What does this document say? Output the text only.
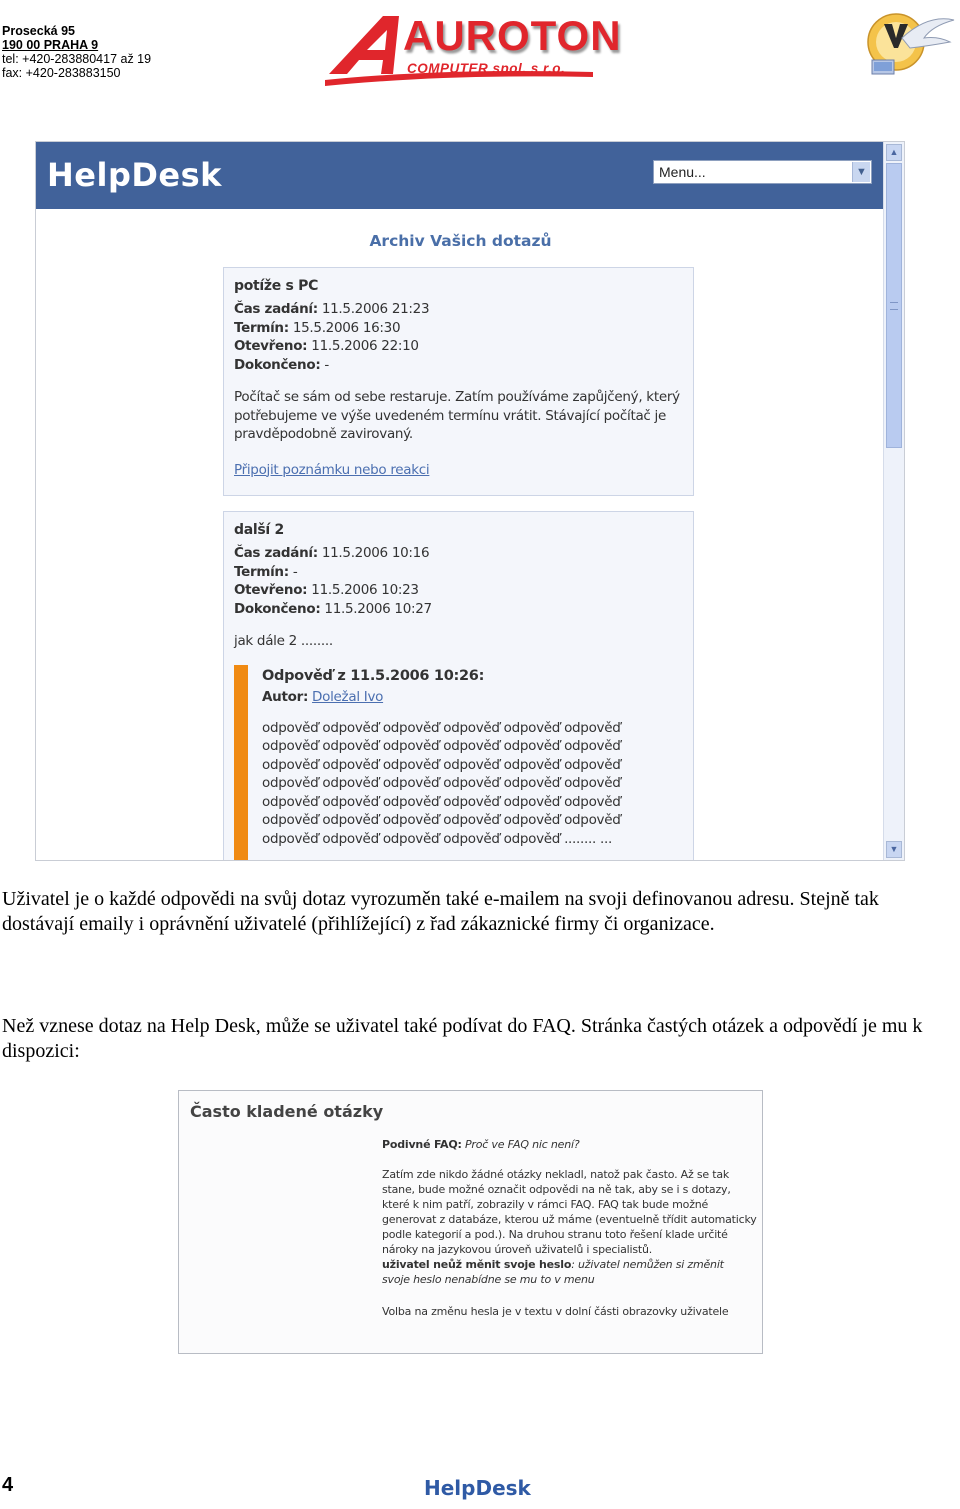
Prosecká 95
190 00 PRAHA 9
tel: +420-283880417 až 19
fax: +420-283883150
AUROTON
COMPUTER spol. s r.o.
HelpDesk	Menu...	▼
▲
▼
Archiv Vašich dotazů
potíže s PC
Čas zadání: 11.5.2006 21:23
Termín: 15.5.2006 16:30
Otevřeno: 11.5.2006 22:10
Dokončeno: -
Počítač se sám od sebe restaruje. Zatím používáme zapůjčený, který potřebujeme ve výše uvedeném termínu vrátit. Stávající počítač je pravděpodobně zavirovaný.
Připojit poznámku nebo reakci
další 2
Čas zadání: 11.5.2006 10:16
Termín: -
Otevřeno: 11.5.2006 10:23
Dokončeno: 11.5.2006 10:27
jak dále 2 ........
Odpověď z 11.5.2006 10:26:
Autor: Doležal Ivo
odpověď odpověď odpověď odpověď odpověď odpověď
odpověď odpověď odpověď odpověď odpověď odpověď
odpověď odpověď odpověď odpověď odpověď odpověď
odpověď odpověď odpověď odpověď odpověď odpověď
odpověď odpověď odpověď odpověď odpověď odpověď
odpověď odpověď odpověď odpověď odpověď odpověď
odpověď odpověď odpověď odpověď odpověď ........ ...
Uživatel je o každé odpovědi na svůj dotaz vyrozuměn také e-mailem na svoji definovanou adresu. Stejně tak dostávají emaily i oprávnění uživatelé (přihlížející) z řad zákaznické firmy či organizace.
Než vznese dotaz na Help Desk, může se uživatel také podívat do FAQ. Stránka častých otázek a odpovědí je mu k dispozici:
Často kladené otázky
Podivné FAQ: Proč ve FAQ nic není?
Zatím zde nikdo žádné otázky nekladl, natož pak často. Až se tak
stane, bude možné označit odpovědi na ně tak, aby se i s dotazy,
které k nim patří, zobrazily v rámci FAQ. FAQ tak bude možné
generovat z databáze, kterou už máme (eventuelně třídit automaticky
podle kategorií a pod.). Na druhou stranu toto řešení klade určité
nároky na jazykovou úroveň uživatelů i specialistů.
uživatel neůž měnit svoje heslo: uživatel nemůžen si změnit
svoje heslo nenabídne se mu to v menu
Volba na změnu hesla je v textu v dolní části obrazovky uživatele
4	HelpDesk
